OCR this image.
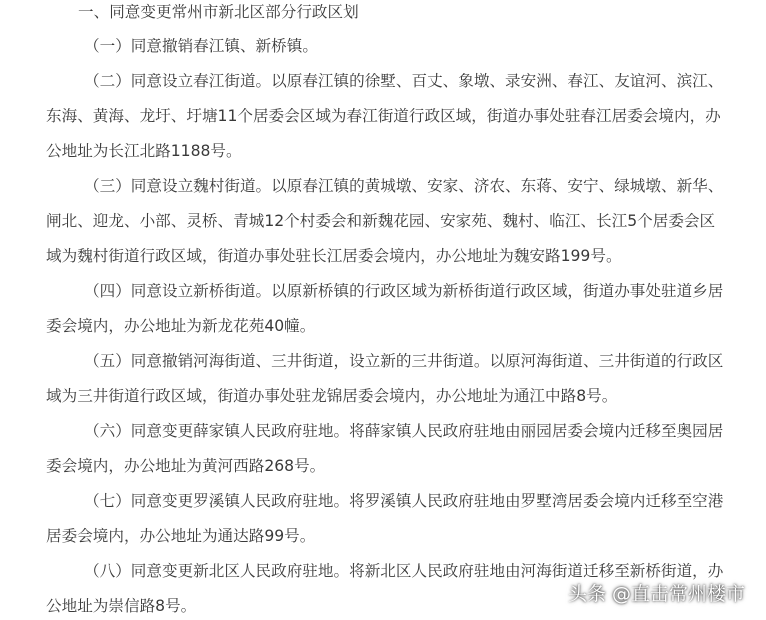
一、同意变更常州市新北区部分行政区划

（一）同意撤销春江镇、新桥镇。

（二）同意设立春江街道。以原春江镇的徐墅、百丈、象墩、录安洲、春江、友谊河、滨江、

东海、黄海、龙圩、圩塘11个居委会区域为春江街道行政区域，街道办事处驻春江居委会境内，办

公地址为长江北路1188号。

（三）同意设立魏村街道。以原春江镇的黄城墩、安家、济农、东蒋、安宁、绿城墩、新华、

闸北、迎龙、小部、灵桥、青城12个村委会和新魏花园、安家苑、魏村、临江、长江5个居委会区

域为魏村街道行政区域，街道办事处驻长江居委会境内，办公地址为魏安路199号。

（四）同意设立新桥街道。以原新桥镇的行政区域为新桥街道行政区域，街道办事处驻道乡居

委会境内，办公地址为新龙花苑40幢。

（五）同意撤销河海街道、三井街道，设立新的三井街道。以原河海街道、三井街道的行政区

域为三井街道行政区域，街道办事处驻龙锦居委会境内，办公地址为通江中路8号。

（六）同意变更薛家镇人民政府驻地。将薛家镇人民政府驻地由丽园居委会境内迁移至奥园居

委会境内，办公地址为黄河西路268号。

（七）同意变更罗溪镇人民政府驻地。将罗溪镇人民政府驻地由罗墅湾居委会境内迁移至空港

居委会境内，办公地址为通达路99号。

（八）同意变更新北区人民政府驻地。将新北区人民政府驻地由河海街道迁移至新桥街道，办

公地址为崇信路8号。

头条 @直击常州楼市
